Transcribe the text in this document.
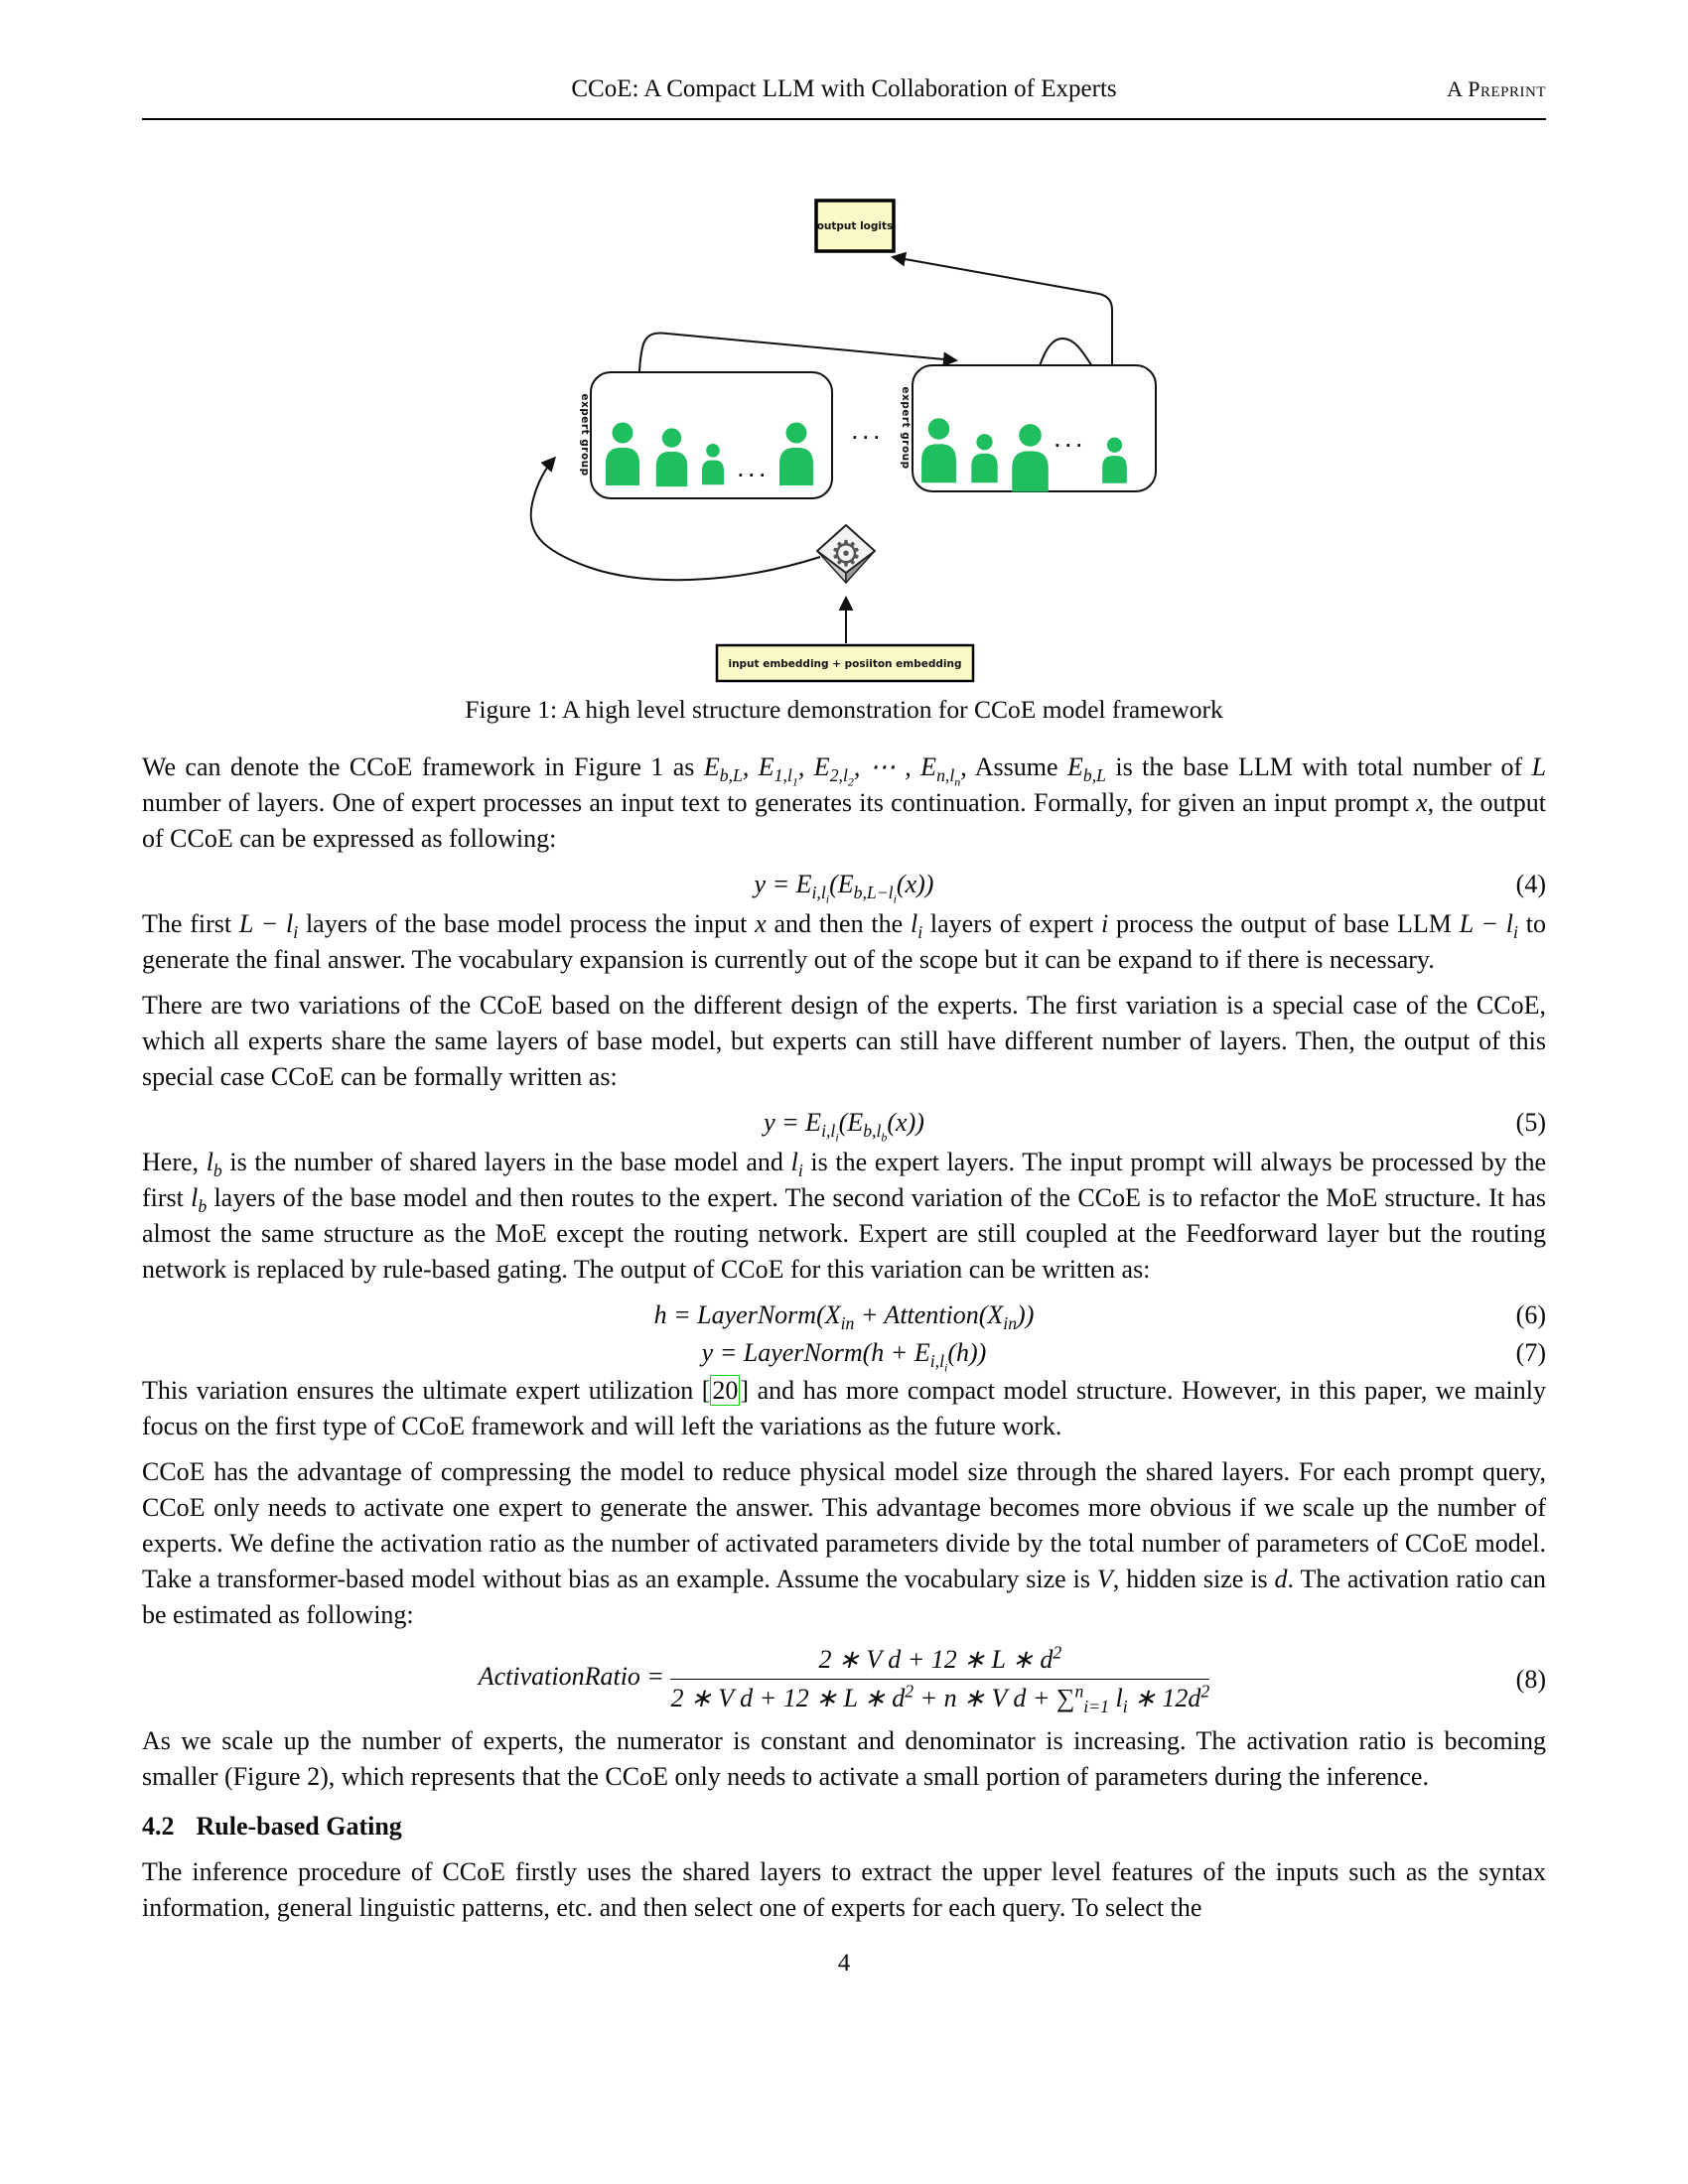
CCoE: A Compact LLM with Collaboration of Experts	A Preprint
output logits
expert group	· · ·
· · · expert group	· · ·
⚙
input embedding + posiiton embedding
Figure 1: A high level structure demonstration for CCoE model framework

We can denote the CCoE framework in Figure 1 as $E_{b,L}$, $E_{1,l_1}$, $E_{2,l_2}$, ⋯ , $E_{n,l_n}$, Assume $E_{b,L}$ is the base LLM with total number of L number of layers. One of expert processes an input text to generates its continuation. Formally, for given an input prompt x, the output of CCoE can be expressed as following:

$y = E_{i,l_i}(E_{b,L-l_i}(x))$	(4)

The first $L - l_i$ layers of the base model process the input x and then the $l_i$ layers of expert i process the output of base LLM $L - l_i$ to generate the final answer. The vocabulary expansion is currently out of the scope but it can be expand to if there is necessary.

There are two variations of the CCoE based on the different design of the experts. The first variation is a special case of the CCoE, which all experts share the same layers of base model, but experts can still have different number of layers. Then, the output of this special case CCoE can be formally written as:

$y = E_{i,l_i}(E_{b,l_b}(x))$	(5)

Here, $l_b$ is the number of shared layers in the base model and $l_i$ is the expert layers. The input prompt will always be processed by the first $l_b$ layers of the base model and then routes to the expert. The second variation of the CCoE is to refactor the MoE structure. It has almost the same structure as the MoE except the routing network. Expert are still coupled at the Feedforward layer but the routing network is replaced by rule-based gating. The output of CCoE for this variation can be written as:

$h = LayerNorm(X_{in}$ + $Attention(X_{in})$)	(6)
y = LayerNorm(h + $E_{i,l_i}(h)$)	(7)

This variation ensures the ultimate expert utilization [20] and has more compact model structure. However, in this paper, we mainly focus on the first type of CCoE framework and will left the variations as the future work.

CCoE has the advantage of compressing the model to reduce physical model size through the shared layers. For each prompt query, CCoE only needs to activate one expert to generate the answer. This advantage becomes more obvious if we scale up the number of experts. We define the activation ratio as the number of activated parameters divide by the total number of parameters of CCoE model. Take a transformer-based model without bias as an example. Assume the vocabulary size is V, hidden size is d. The activation ratio can be estimated as following:

ActivationRatio = $\frac{2 ∗ V d + 12 ∗ L ∗ d^2}{2 ∗ V d + 12 ∗ L ∗ d^2 + n ∗ V d + \sum^n_{i=1} l_i ∗ 12d^2}$	(8)

As we scale up the number of experts, the numerator is constant and denominator is increasing. The activation ratio is becoming smaller (Figure 2), which represents that the CCoE only needs to activate a small portion of parameters during the inference.

4.2 Rule-based Gating

The inference procedure of CCoE firstly uses the shared layers to extract the upper level features of the inputs such as the syntax information, general linguistic patterns, etc. and then select one of experts for each query. To select the

4
